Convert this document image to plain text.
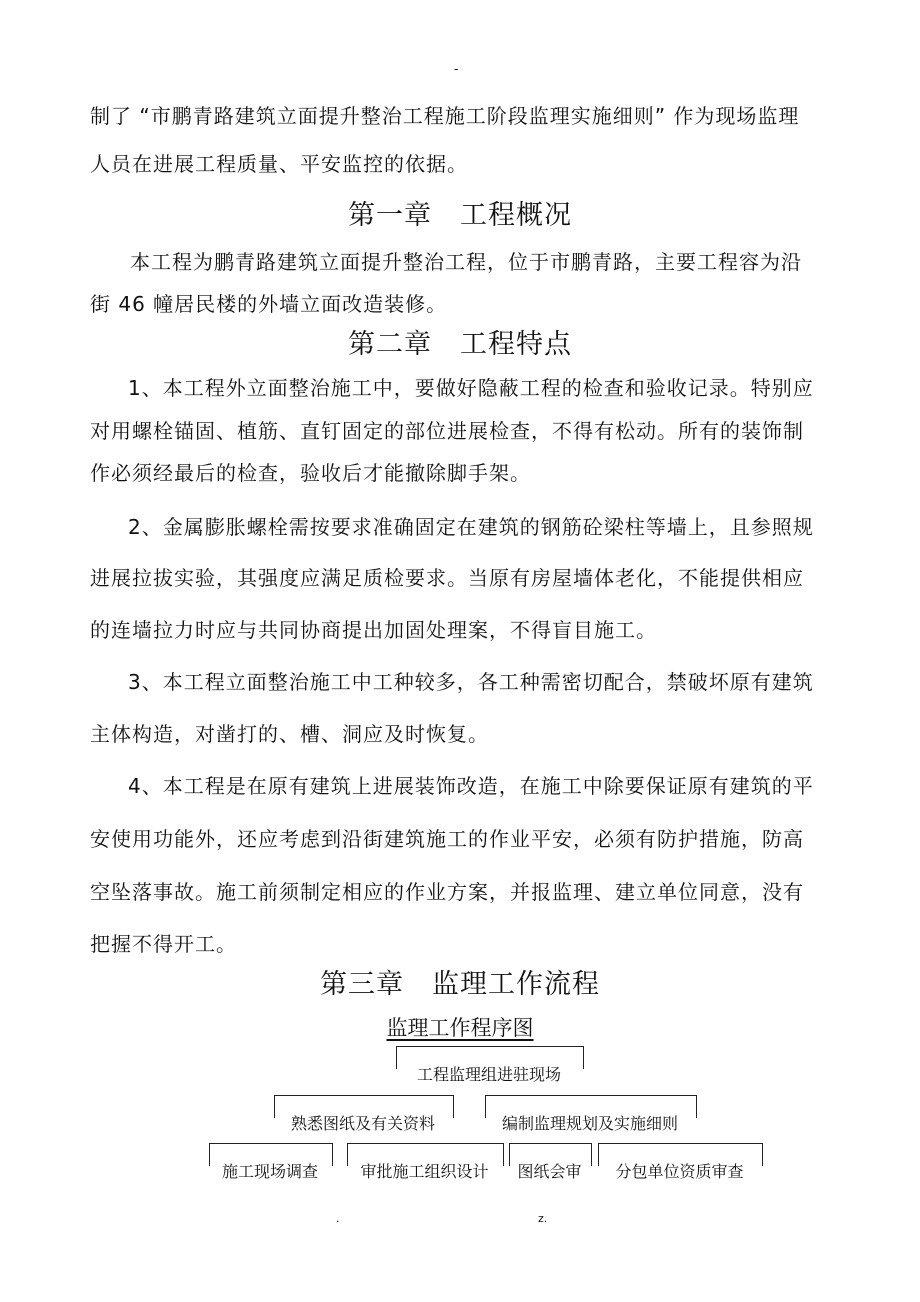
-
制了 “市鹏青路建筑立面提升整治工程施工阶段监理实施细则” 作为现场监理
人员在进展工程质量、平安监控的依据。
第一章　工程概况
本工程为鹏青路建筑立面提升整治工程，位于市鹏青路，主要工程容为沿
街 46 幢居民楼的外墙立面改造装修。
第二章　工程特点
1、本工程外立面整治施工中，要做好隐蔽工程的检查和验收记录。特别应
对用螺栓锚固、植筋、直钉固定的部位进展检查，不得有松动。所有的装饰制
作必须经最后的检查，验收后才能撤除脚手架。
2、金属膨胀螺栓需按要求准确固定在建筑的钢筋砼梁柱等墙上，且参照规
进展拉拔实验，其强度应满足质检要求。当原有房屋墙体老化，不能提供相应
的连墙拉力时应与共同协商提出加固处理案，不得盲目施工。
3、本工程立面整治施工中工种较多，各工种需密切配合，禁破坏原有建筑
主体构造，对凿打的、槽、洞应及时恢复。
4、本工程是在原有建筑上进展装饰改造，在施工中除要保证原有建筑的平
安使用功能外，还应考虑到沿街建筑施工的作业平安，必须有防护措施，防高
空坠落事故。施工前须制定相应的作业方案，并报监理、建立单位同意，没有
把握不得开工。
第三章　监理工作流程
监理工作程序图
工程监理组进驻现场
熟悉图纸及有关资料	编制监理规划及实施细则
施工现场调查	审批施工组织设计	图纸会审	分包单位资质审查
.	z.
